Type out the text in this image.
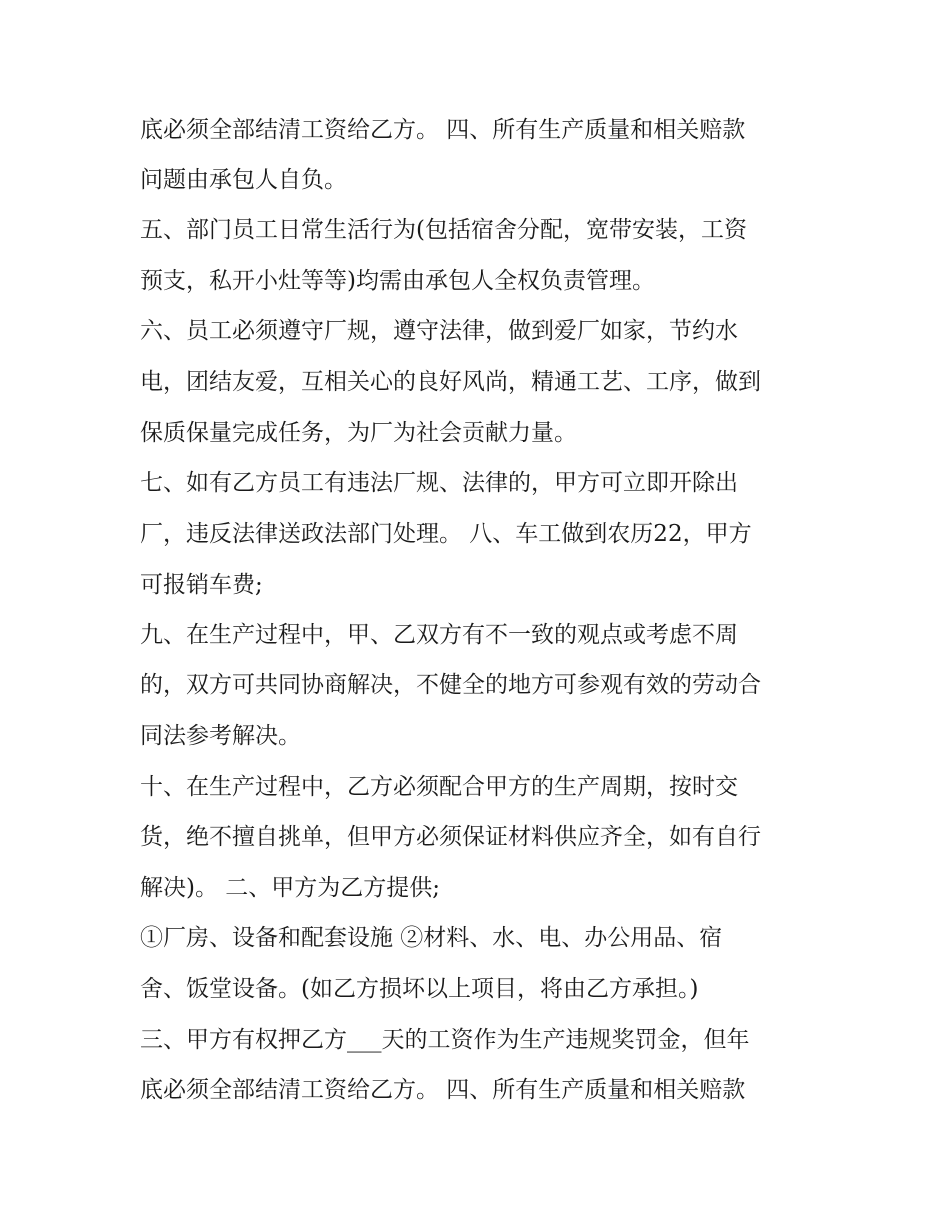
底必须全部结清工资给乙方。 四、所有生产质量和相关赔款
问题由承包人自负。
五、部门员工日常生活行为(包括宿舍分配，宽带安装，工资
预支，私开小灶等等)均需由承包人全权负责管理。
六、员工必须遵守厂规，遵守法律，做到爱厂如家，节约水
电，团结友爱，互相关心的良好风尚，精通工艺、工序，做到
保质保量完成任务，为厂为社会贡献力量。
七、如有乙方员工有违法厂规、法律的，甲方可立即开除出
厂，违反法律送政法部门处理。 八、车工做到农历22，甲方
可报销车费;
九、在生产过程中，甲、乙双方有不一致的观点或考虑不周
的，双方可共同协商解决，不健全的地方可参观有效的劳动合
同法参考解决。
十、在生产过程中，乙方必须配合甲方的生产周期，按时交
货，绝不擅自挑单，但甲方必须保证材料供应齐全，如有自行
解决)。 二、甲方为乙方提供;
①厂房、设备和配套设施 ②材料、水、电、办公用品、宿
舍、饭堂设备。(如乙方损坏以上项目，将由乙方承担。)
三、甲方有权押乙方___天的工资作为生产违规奖罚金，但年
底必须全部结清工资给乙方。 四、所有生产质量和相关赔款
